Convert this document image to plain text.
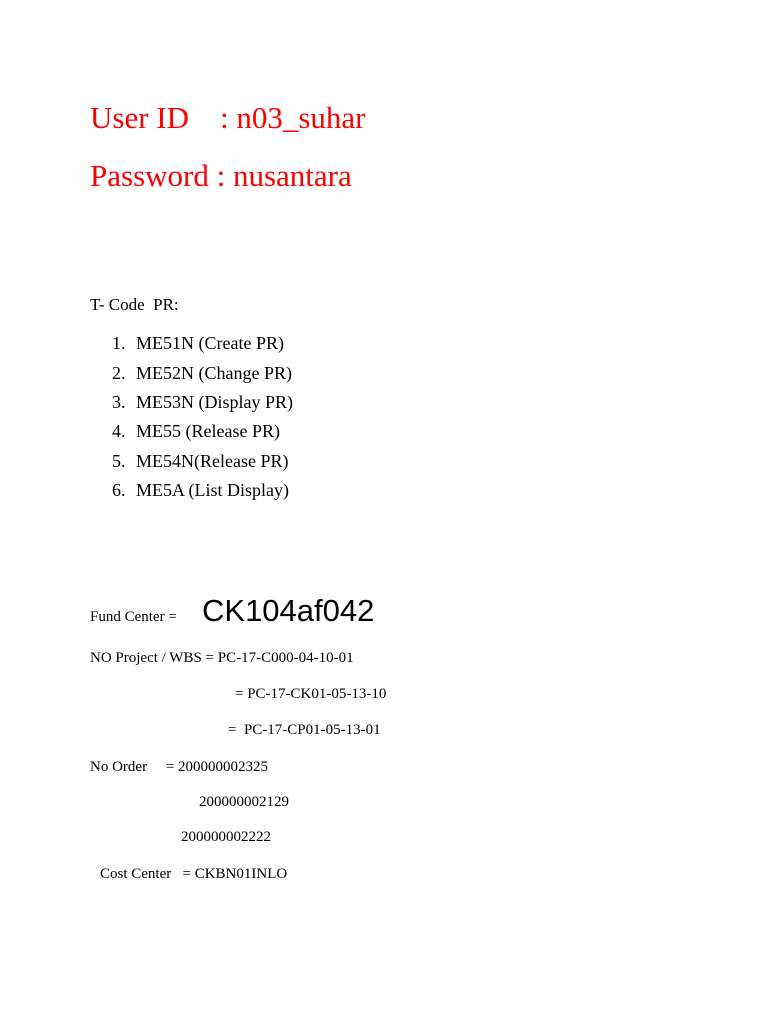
User ID    : n03_suhar
Password : nusantara
T- Code  PR:
1. ME51N (Create PR)
2. ME52N (Change PR)
3. ME53N (Display PR)
4. ME55 (Release PR)
5. ME54N(Release PR)
6. ME5A (List Display)
Fund Center = CK104af042
NO Project / WBS = PC-17-C000-04-10-01
= PC-17-CK01-05-13-10
=  PC-17-CP01-05-13-01
No Order     = 200000002325
200000002129
200000002222
Cost Center   = CKBN01INLO
